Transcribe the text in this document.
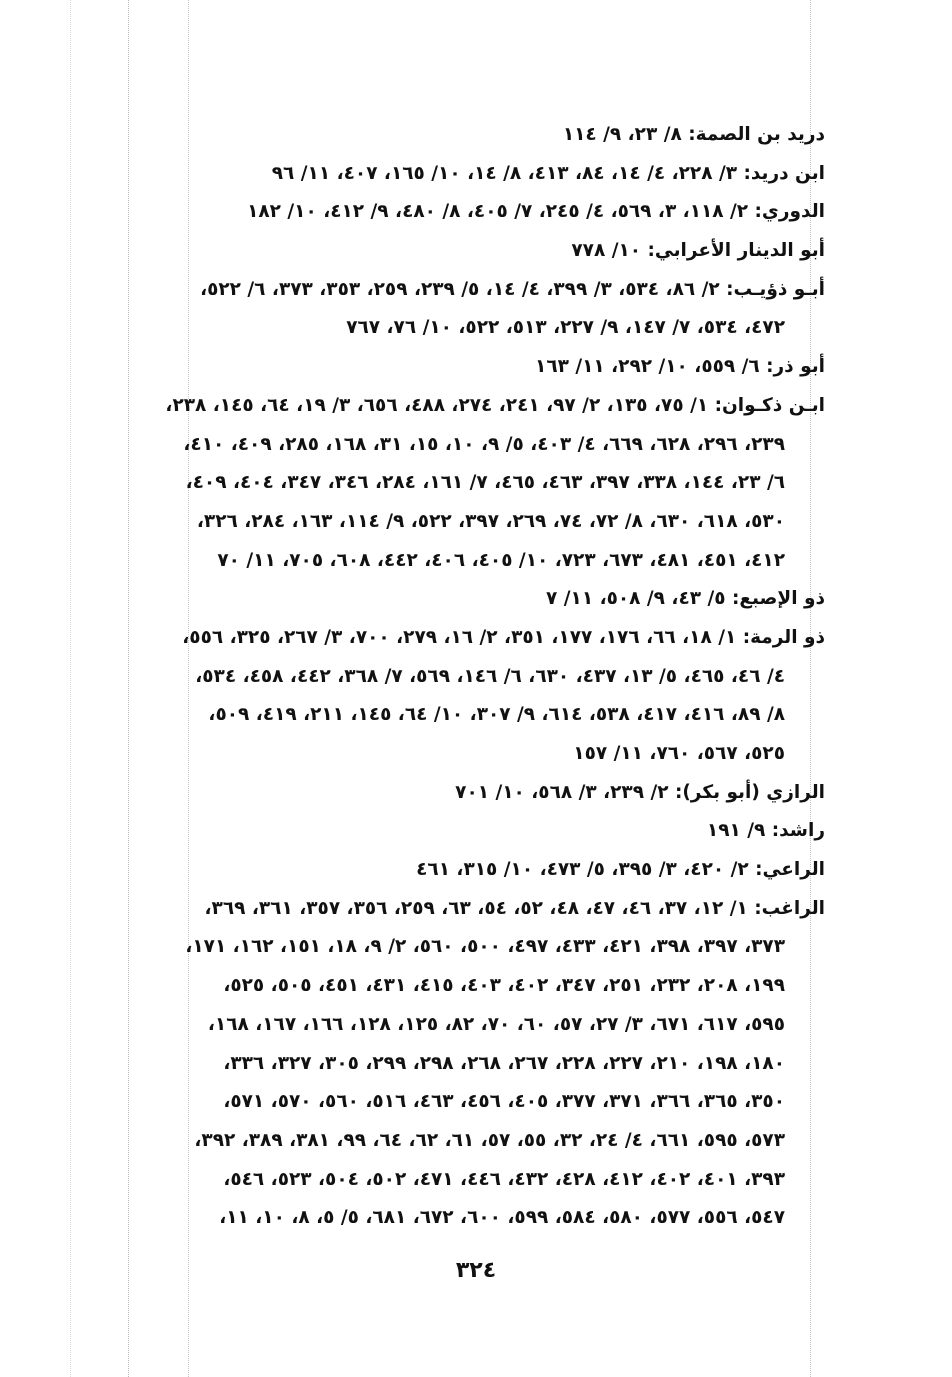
دريد بن الصمة: ٨/ ٢٣، ٩/ ١١٤
ابن دريد: ٣/ ٢٢٨، ٤/ ١٤، ٨٤، ٤١٣، ٨/ ١٤، ١٠/ ١٦٥، ٤٠٧، ١١/ ٩٦
الدوري: ٢/ ١١٨، ٣، ٥٦٩، ٤/ ٢٤٥، ٧/ ٤٠٥، ٨/ ٤٨٠، ٩/ ٤١٢، ١٠/ ١٨٢
أبو الدينار الأعرابي: ١٠/ ٧٧٨
أبـو ذؤيـب: ٢/ ٨٦، ٥٣٤، ٣/ ٣٩٩، ٤/ ١٤، ٥/ ٢٣٩، ٢٥٩، ٣٥٣، ٣٧٣، ٦/ ٥٢٢،
٤٧٢، ٥٣٤، ٧/ ١٤٧، ٩/ ٢٢٧، ٥١٣، ٥٢٢، ١٠/ ٧٦، ٧٦٧
أبو ذر: ٦/ ٥٥٩، ١٠/ ٢٩٢، ١١/ ١٦٣
ابـن ذكـوان: ١/ ٧٥، ١٣٥، ٢/ ٩٧، ٢٤١، ٢٧٤، ٤٨٨، ٦٥٦، ٣/ ١٩، ٦٤، ١٤٥، ٢٣٨،
٢٣٩، ٢٩٦، ٦٢٨، ٦٦٩، ٤/ ٤٠٣، ٥/ ٩، ١٠، ١٥، ٣١، ١٦٨، ٢٨٥، ٤٠٩، ٤١٠،
٦/ ٢٣، ١٤٤، ٣٣٨، ٣٩٧، ٤٦٣، ٤٦٥، ٧/ ١٦١، ٢٨٤، ٣٤٦، ٣٤٧، ٤٠٤، ٤٠٩،
٥٣٠، ٦١٨، ٦٣٠، ٨/ ٧٢، ٧٤، ٢٦٩، ٣٩٧، ٥٢٢، ٩/ ١١٤، ١٦٣، ٢٨٤، ٣٢٦،
٤١٢، ٤٥١، ٤٨١، ٦٧٣، ٧٢٣، ١٠/ ٤٠٥، ٤٠٦، ٤٤٢، ٦٠٨، ٧٠٥، ١١/ ٧٠
ذو الإصبع: ٥/ ٤٣، ٩/ ٥٠٨، ١١/ ٧
ذو الرمة: ١/ ١٨، ٦٦، ١٧٦، ١٧٧، ٣٥١، ٢/ ١٦، ٢٧٩، ٧٠٠، ٣/ ٢٦٧، ٣٢٥، ٥٥٦،
٤/ ٤٦، ٤٦٥، ٥/ ١٣، ٤٣٧، ٦٣٠، ٦/ ١٤٦، ٥٦٩، ٧/ ٣٦٨، ٤٤٢، ٤٥٨، ٥٣٤،
٨/ ٨٩، ٤١٦، ٤١٧، ٥٣٨، ٦١٤، ٩/ ٣٠٧، ١٠/ ٦٤، ١٤٥، ٢١١، ٤١٩، ٥٠٩،
٥٢٥، ٥٦٧، ٧٦٠، ١١/ ١٥٧
الرازي (أبو بكر): ٢/ ٢٣٩، ٣/ ٥٦٨، ١٠/ ٧٠١
راشد: ٩/ ١٩١
الراعي: ٢/ ٤٢٠، ٣/ ٣٩٥، ٥/ ٤٧٣، ١٠/ ٣١٥، ٤٦١
الراغب: ١/ ١٢، ٣٧، ٤٦، ٤٧، ٤٨، ٥٢، ٥٤، ٦٣، ٢٥٩، ٣٥٦، ٣٥٧، ٣٦١، ٣٦٩،
٣٧٣، ٣٩٧، ٣٩٨، ٤٢١، ٤٣٣، ٤٩٧، ٥٠٠، ٥٦٠، ٢/ ٩، ١٨، ١٥١، ١٦٢، ١٧١،
١٩٩، ٢٠٨، ٢٣٢، ٢٥١، ٣٤٧، ٤٠٢، ٤٠٣، ٤١٥، ٤٣١، ٤٥١، ٥٠٥، ٥٢٥،
٥٩٥، ٦١٧، ٦٧١، ٣/ ٢٧، ٥٧، ٦٠، ٧٠، ٨٢، ١٢٥، ١٢٨، ١٦٦، ١٦٧، ١٦٨،
١٨٠، ١٩٨، ٢١٠، ٢٢٧، ٢٢٨، ٢٦٧، ٢٦٨، ٢٩٨، ٢٩٩، ٣٠٥، ٣٢٧، ٣٣٦،
٣٥٠، ٣٦٥، ٣٦٦، ٣٧١، ٣٧٧، ٤٠٥، ٤٥٦، ٤٦٣، ٥١٦، ٥٦٠، ٥٧٠، ٥٧١،
٥٧٣، ٥٩٥، ٦٦١، ٤/ ٢٤، ٣٢، ٥٥، ٥٧، ٦١، ٦٢، ٦٤، ٩٩، ٣٨١، ٣٨٩، ٣٩٢،
٣٩٣، ٤٠١، ٤٠٢، ٤١٢، ٤٢٨، ٤٣٢، ٤٤٦، ٤٧١، ٥٠٢، ٥٠٤، ٥٢٣، ٥٤٦،
٥٤٧، ٥٥٦، ٥٧٧، ٥٨٠، ٥٨٤، ٥٩٩، ٦٠٠، ٦٧٢، ٦٨١، ٥/ ٥، ٨، ١٠، ١١،
٣٢٤
